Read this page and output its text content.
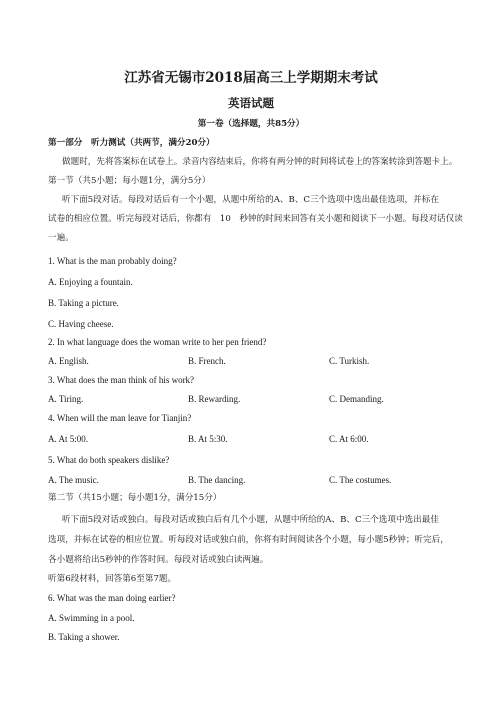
江苏省无锡市2018届高三上学期期末考试
英语试题
第一卷（选择题，共85分）
第一部分　听力测试（共两节，满分20分）
做题时，先将答案标在试卷上。录音内容结束后，你将有两分钟的时间将试卷上的答案转涂到答题卡上。
第一节（共5小题；每小题1分，满分5分）
听下面5段对话。每段对话后有一个小题，从题中所给的A、B、C三个选项中选出最佳选项，并标在
试卷的相应位置。听完每段对话后，你都有　10　秒钟的时间来回答有关小题和阅读下一小题。每段对话仅读
一遍。
1. What is the man probably doing?
A. Enjoying a fountain.
B. Taking a picture.
C. Having cheese.
2. In what language does the woman write to her pen friend?
A. English.	B. French.	C. Turkish.
3. What does the man think of his work?
A. Tiring.	B. Rewarding.	C. Demanding.
4. When will the man leave for Tianjin?
A. At 5:00.	B. At 5:30.	C. At 6:00.
5. What do both speakers dislike?
A. The music.	B. The dancing.	C. The costumes.
第二节（共15小题；每小题1分，满分15分）
听下面5段对话或独白。每段对话或独白后有几个小题，从题中所给的A、B、C三个选项中选出最佳
选项，并标在试卷的相应位置。听每段对话或独白前，你将有时间阅读各个小题，每小题5秒钟；听完后，
各小题将给出5秒钟的作答时间。每段对话或独白读两遍。
听第6段材料，回答第6至第7题。
6. What was the man doing earlier?
A. Swimming in a pool.
B. Taking a shower.
